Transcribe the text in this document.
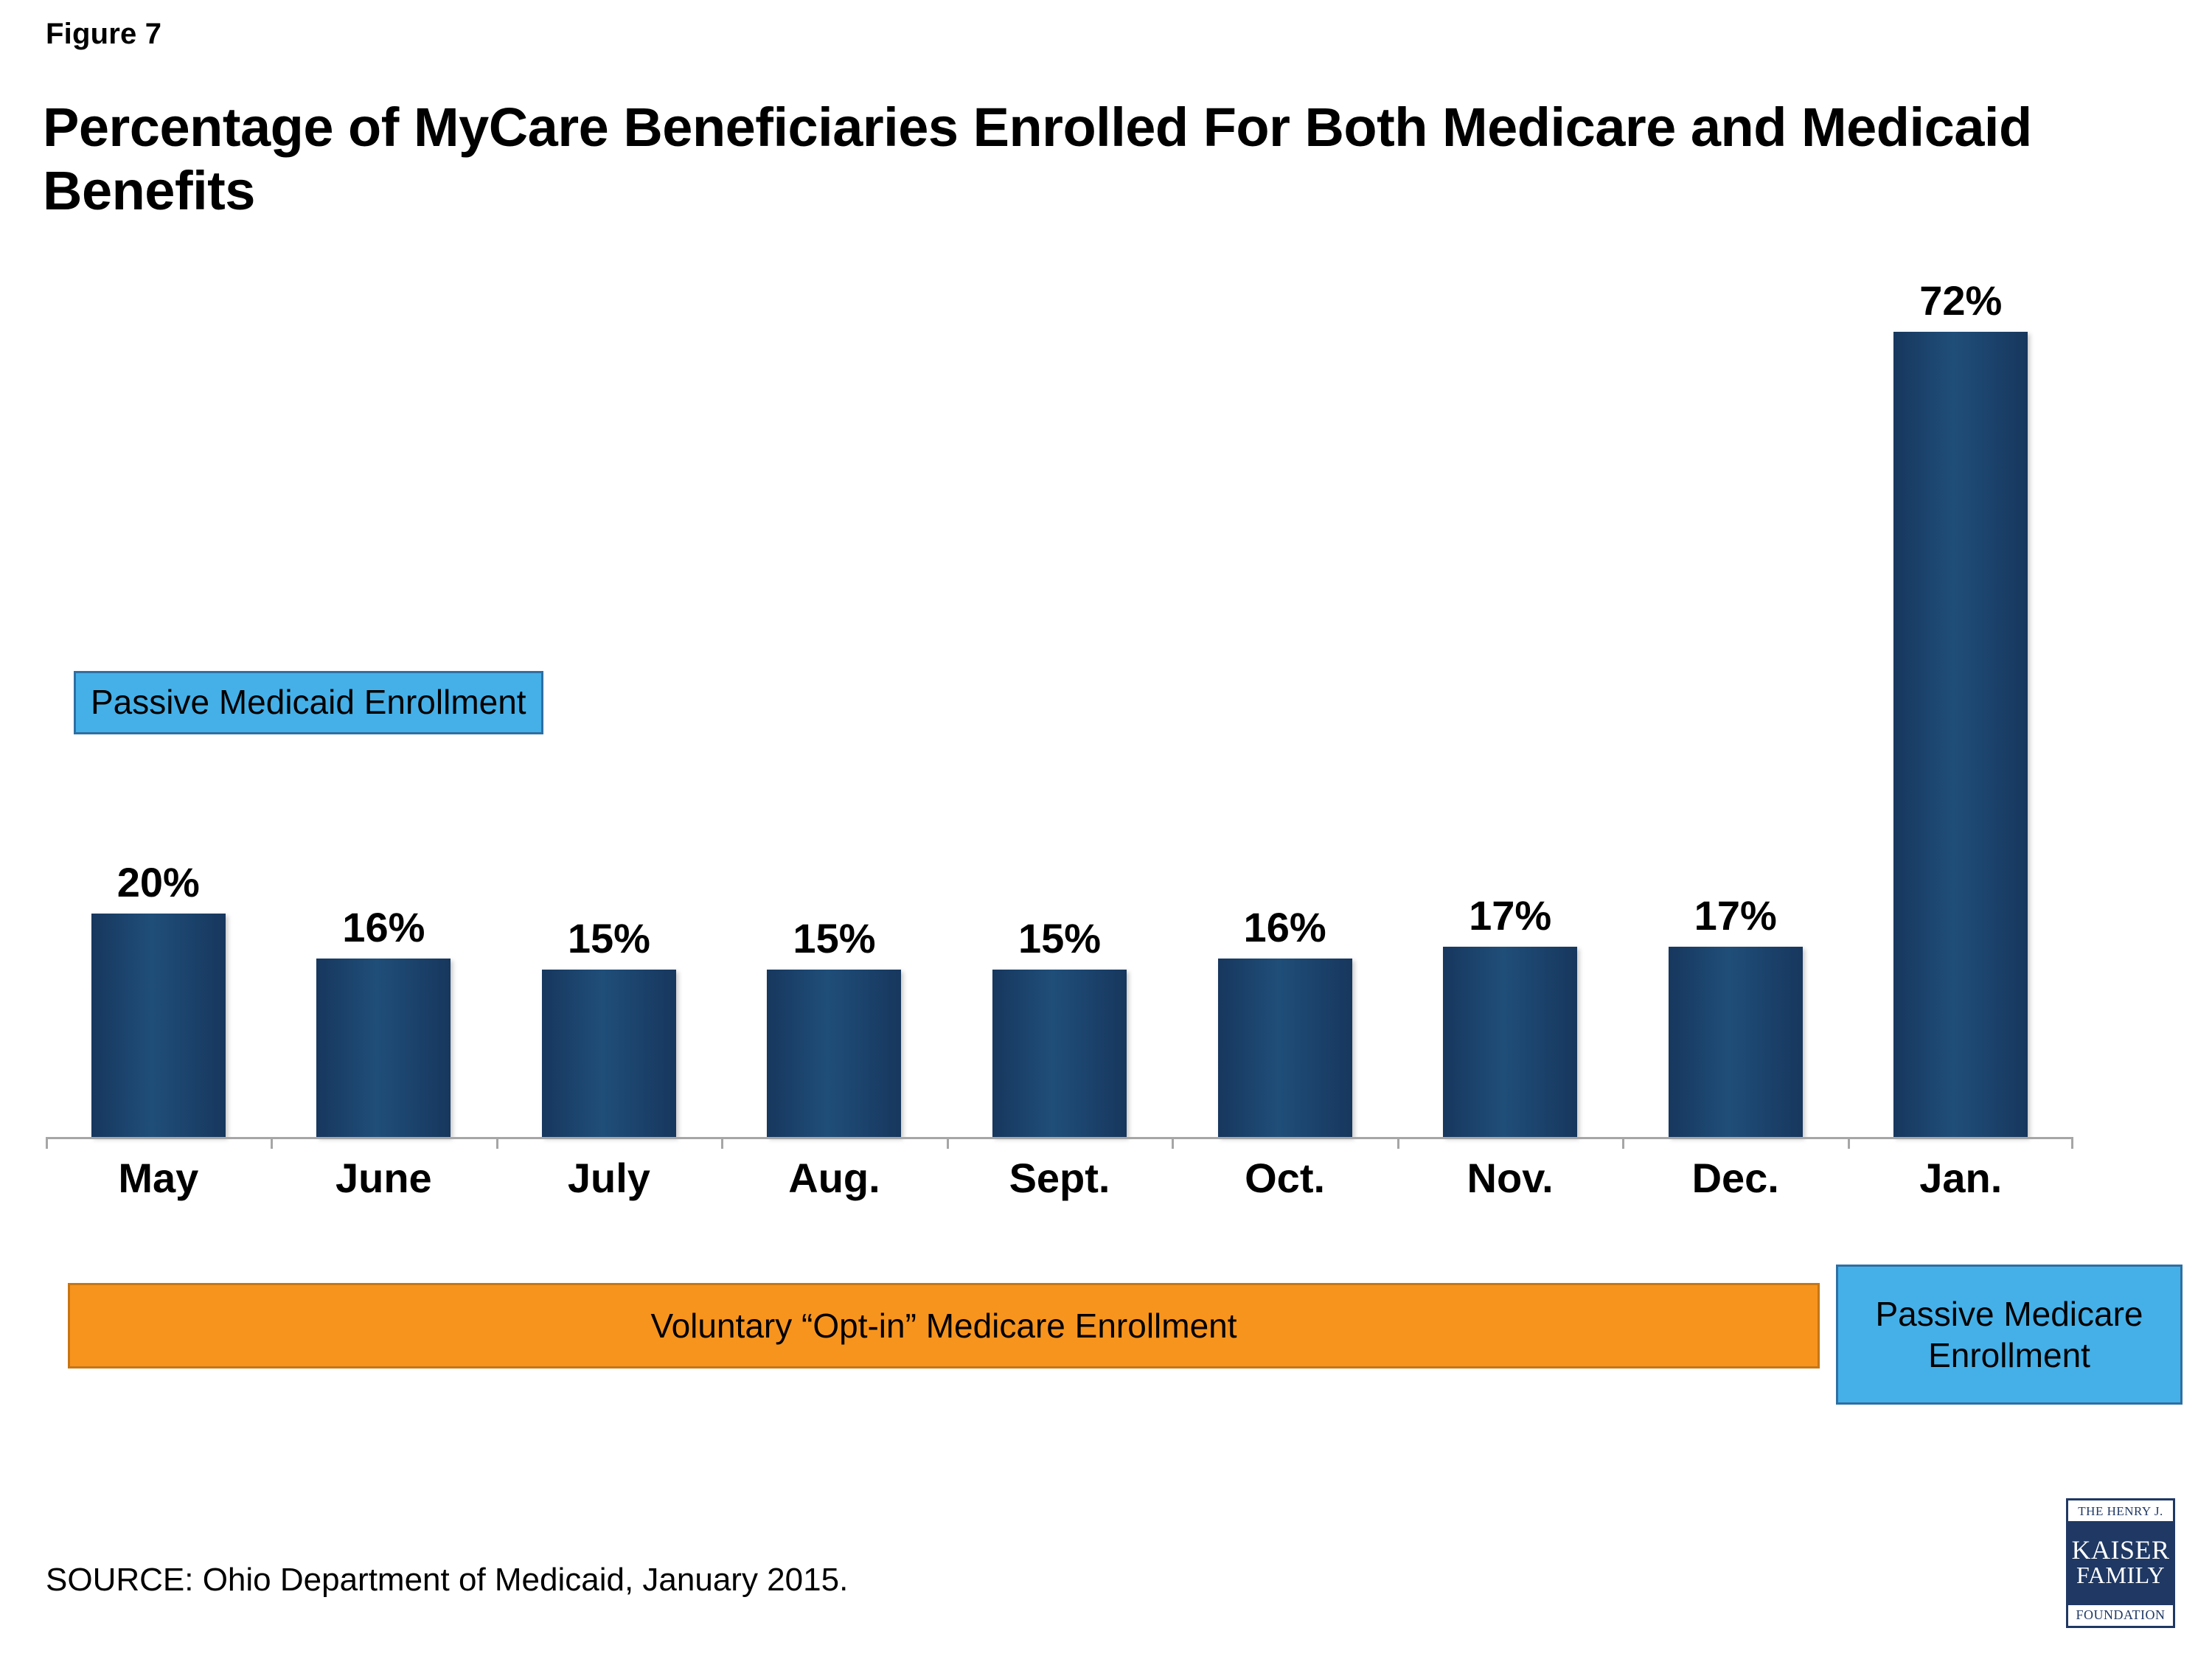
Figure 7
Percentage of MyCare Beneficiaries Enrolled For Both Medicare and Medicaid Benefits
20%
16%	15%	15%	15%	16%	17%	17%
72%
May	June	July	Aug.	Sept.	Oct.	Nov.	Dec.	Jan.
Passive Medicaid Enrollment
Voluntary “Opt-in” Medicare Enrollment	Passive Medicare Enrollment
SOURCE: Ohio Department of Medicaid, January 2015.
THE HENRY J.
KAISER
FAMILY
FOUNDATION
